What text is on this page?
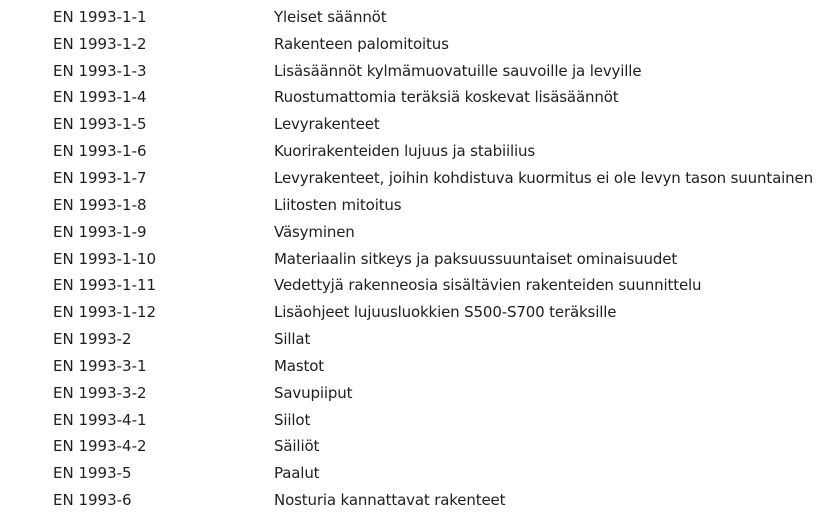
EN 1993-1-1	Yleiset säännöt
EN 1993-1-2	Rakenteen palomitoitus
EN 1993-1-3	Lisäsäännöt kylmämuovatuille sauvoille ja levyille
EN 1993-1-4	Ruostumattomia teräksiä koskevat lisäsäännöt
EN 1993-1-5	Levyrakenteet
EN 1993-1-6	Kuorirakenteiden lujuus ja stabiilius
EN 1993-1-7	Levyrakenteet, joihin kohdistuva kuormitus ei ole levyn tason suuntainen
EN 1993-1-8	Liitosten mitoitus
EN 1993-1-9	Väsyminen
EN 1993-1-10	Materiaalin sitkeys ja paksuussuuntaiset ominaisuudet
EN 1993-1-11	Vedettyjä rakenneosia sisältävien rakenteiden suunnittelu
EN 1993-1-12	Lisäohjeet lujuusluokkien S500-S700 teräksille
EN 1993-2	Sillat
EN 1993-3-1	Mastot
EN 1993-3-2	Savupiiput
EN 1993-4-1	Siilot
EN 1993-4-2	Säiliöt
EN 1993-5	Paalut
EN 1993-6	Nosturia kannattavat rakenteet
